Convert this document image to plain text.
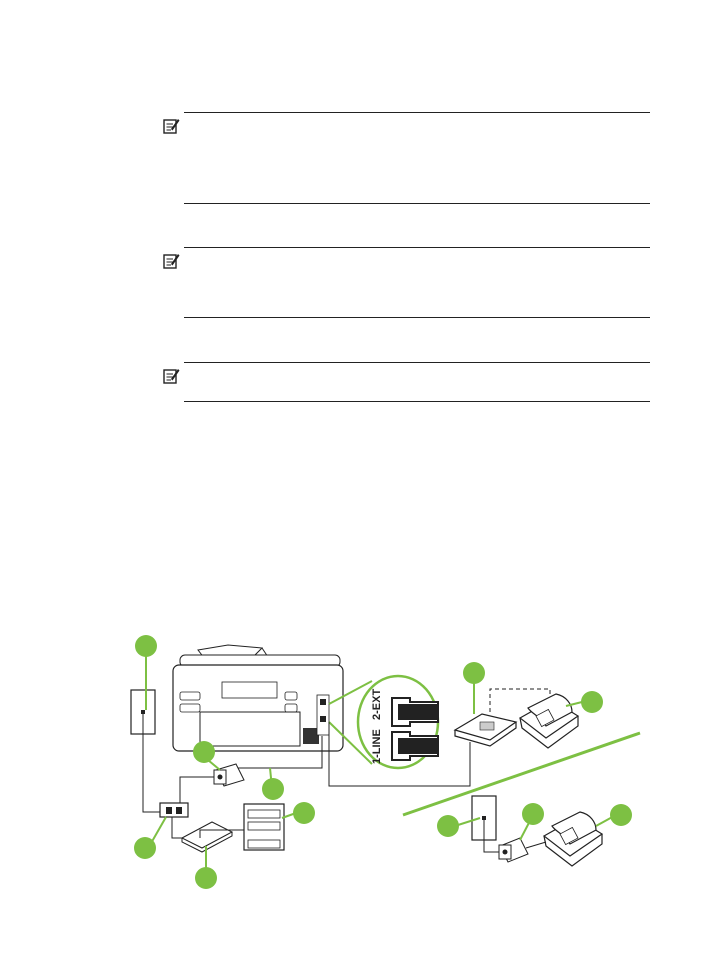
1-LINE
2-EXT
